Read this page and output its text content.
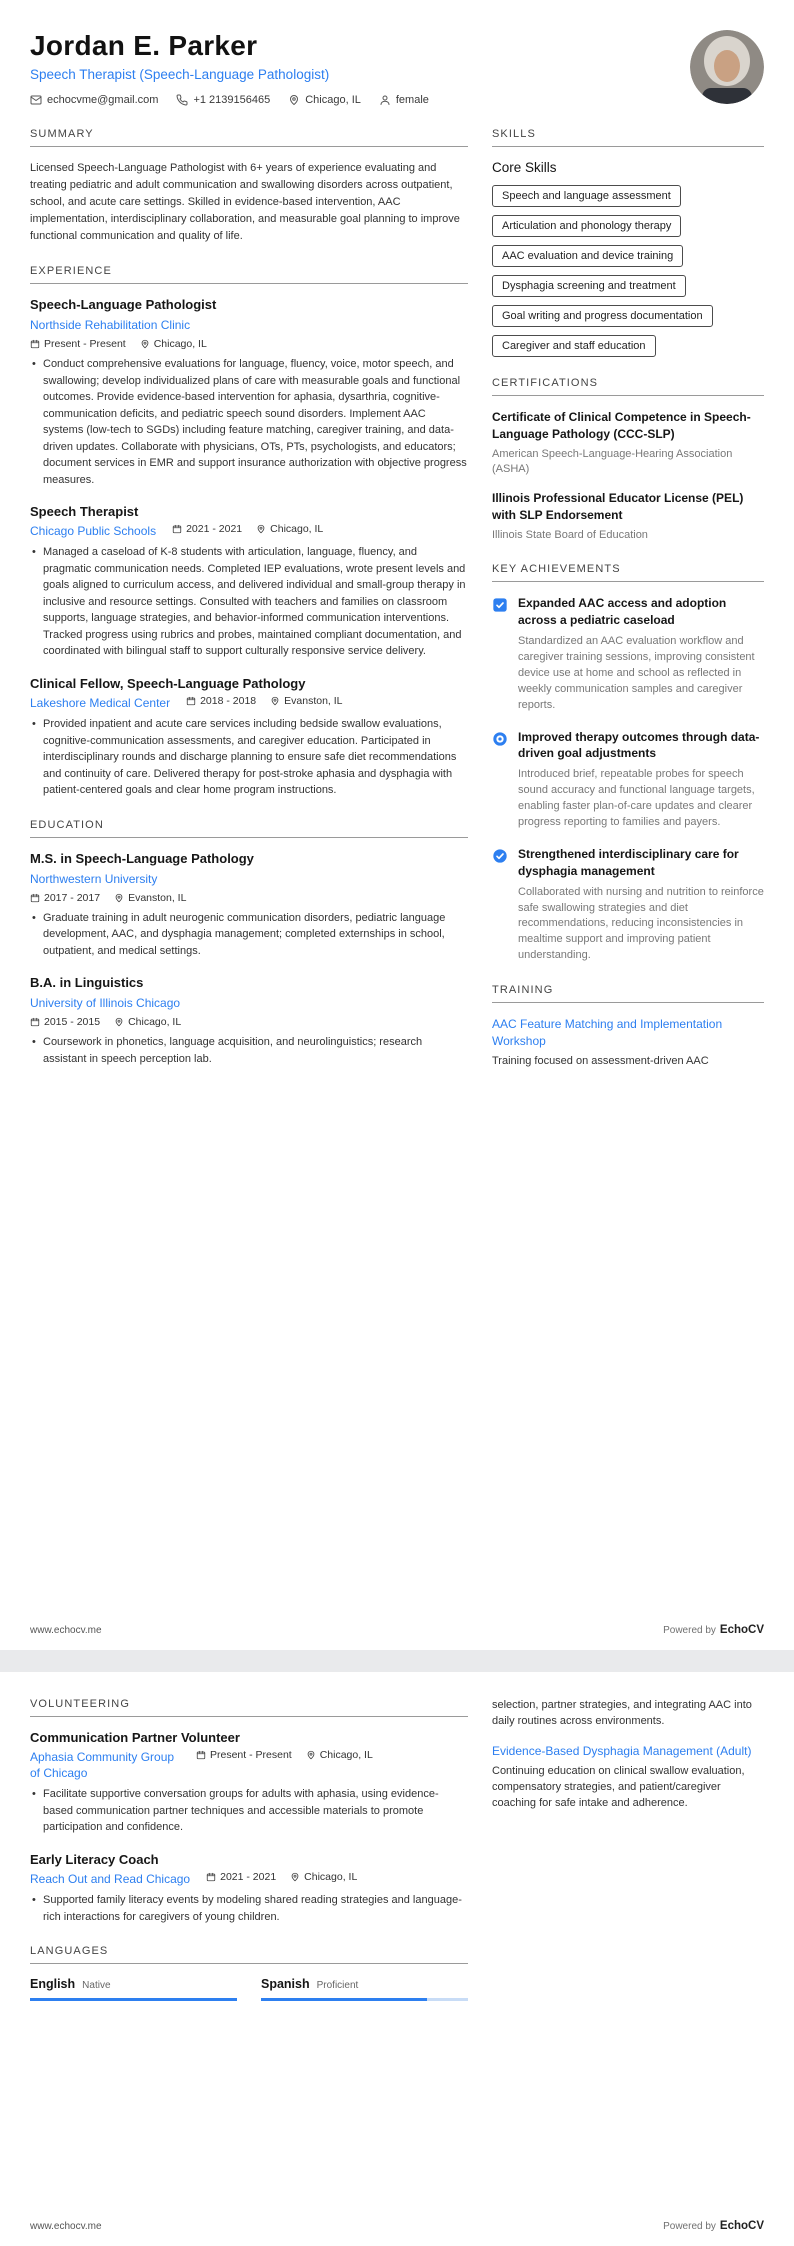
Jordan E. Parker
Speech Therapist (Speech-Language Pathologist)
echocvme@gmail.com	+1 2139156465	Chicago, IL	female
SUMMARY

Licensed Speech-Language Pathologist with 6+ years of experience evaluating and treating pediatric and adult communication and swallowing disorders across outpatient, school, and acute care settings. Skilled in evidence-based intervention, AAC implementation, interdisciplinary collaboration, and measurable goal planning to improve functional communication and quality of life.

EXPERIENCE
Speech-Language Pathologist
Northside Rehabilitation Clinic
Present - Present	Chicago, IL
• Conduct comprehensive evaluations for language, fluency, voice, motor speech, and swallowing; develop individualized plans of care with measurable goals and functional outcomes. Provide evidence-based intervention for aphasia, dysarthria, cognitive-communication deficits, and pediatric speech sound disorders. Implement AAC systems (low-tech to SGDs) including feature matching, caregiver training, and data-driven updates. Collaborate with physicians, OTs, PTs, psychologists, and educators; document services in EMR and support insurance authorization with objective progress measures.
Speech Therapist
Chicago Public Schools	2021 - 2021	Chicago, IL
• Managed a caseload of K-8 students with articulation, language, fluency, and pragmatic communication needs. Completed IEP evaluations, wrote present levels and goals aligned to curriculum access, and delivered individual and small-group therapy in inclusive and resource settings. Consulted with teachers and families on classroom supports, language strategies, and behavior-informed communication interventions. Tracked progress using rubrics and probes, maintained compliant documentation, and coordinated with bilingual staff to support culturally responsive service delivery.
Clinical Fellow, Speech-Language Pathology
Lakeshore Medical Center	2018 - 2018	Evanston, IL
• Provided inpatient and acute care services including bedside swallow evaluations, cognitive-communication assessments, and caregiver education. Participated in interdisciplinary rounds and discharge planning to ensure safe diet recommendations and continuity of care. Delivered therapy for post-stroke aphasia and dysphagia with patient-centered goals and clear home program instructions.
EDUCATION
M.S. in Speech-Language Pathology
Northwestern University
2017 - 2017	Evanston, IL
• Graduate training in adult neurogenic communication disorders, pediatric language development, AAC, and dysphagia management; completed externships in school, outpatient, and medical settings.
B.A. in Linguistics
University of Illinois Chicago
2015 - 2015	Chicago, IL
• Coursework in phonetics, language acquisition, and neurolinguistics; research assistant in speech perception lab.
SKILLS
Core Skills
Speech and language assessment
Articulation and phonology therapy
AAC evaluation and device training
Dysphagia screening and treatment
Goal writing and progress documentation
Caregiver and staff education
CERTIFICATIONS
Certificate of Clinical Competence in Speech-Language Pathology (CCC-SLP)
American Speech-Language-Hearing Association (ASHA)
Illinois Professional Educator License (PEL) with SLP Endorsement
Illinois State Board of Education
KEY ACHIEVEMENTS
Expanded AAC access and adoption across a pediatric caseload
Standardized an AAC evaluation workflow and caregiver training sessions, improving consistent device use at home and school as reflected in weekly communication samples and caregiver reports.
Improved therapy outcomes through data-driven goal adjustments
Introduced brief, repeatable probes for speech sound accuracy and functional language targets, enabling faster plan-of-care updates and clearer progress reporting to families and payers.
Strengthened interdisciplinary care for dysphagia management
Collaborated with nursing and nutrition to reinforce safe swallowing strategies and diet recommendations, reducing inconsistencies in mealtime support and improving patient understanding.
TRAINING
AAC Feature Matching and Implementation Workshop
Training focused on assessment-driven AAC
www.echocv.me	Powered by EchoCV
VOLUNTEERING
Communication Partner Volunteer
Aphasia Community Group of Chicago
Present - Present	Chicago, IL
• Facilitate supportive conversation groups for adults with aphasia, using evidence-based communication partner techniques and accessible materials to promote participation and confidence.
Early Literacy Coach
Reach Out and Read Chicago	2021 - 2021	Chicago, IL
• Supported family literacy events by modeling shared reading strategies and language-rich interactions for caregivers of young children.
LANGUAGES
English Native	Spanish Proficient
selection, partner strategies, and integrating AAC into daily routines across environments.
Evidence-Based Dysphagia Management (Adult)
Continuing education on clinical swallow evaluation, compensatory strategies, and patient/caregiver coaching for safe intake and adherence.
www.echocv.me	Powered by EchoCV
